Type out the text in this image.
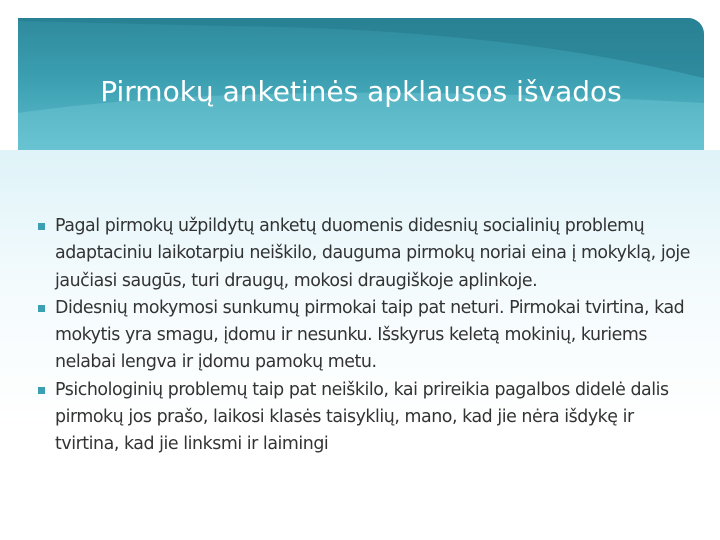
Pirmokų anketinės apklausos išvados
Pagal pirmokų užpildytų anketų duomenis didesnių socialinių problemų adaptaciniu laikotarpiu neiškilo, dauguma pirmokų noriai eina į mokyklą, joje jaučiasi saugūs, turi draugų, mokosi draugiškoje aplinkoje.
Didesnių mokymosi sunkumų pirmokai taip pat neturi. Pirmokai tvirtina, kad mokytis yra smagu, įdomu ir nesunku. Išskyrus keletą mokinių, kuriems nelabai lengva ir įdomu pamokų metu.
Psichologinių problemų taip pat neiškilo, kai prireikia pagalbos didelė dalis pirmokų jos prašo, laikosi klasės taisyklių, mano, kad jie nėra išdykę ir tvirtina, kad jie linksmi ir laimingi
